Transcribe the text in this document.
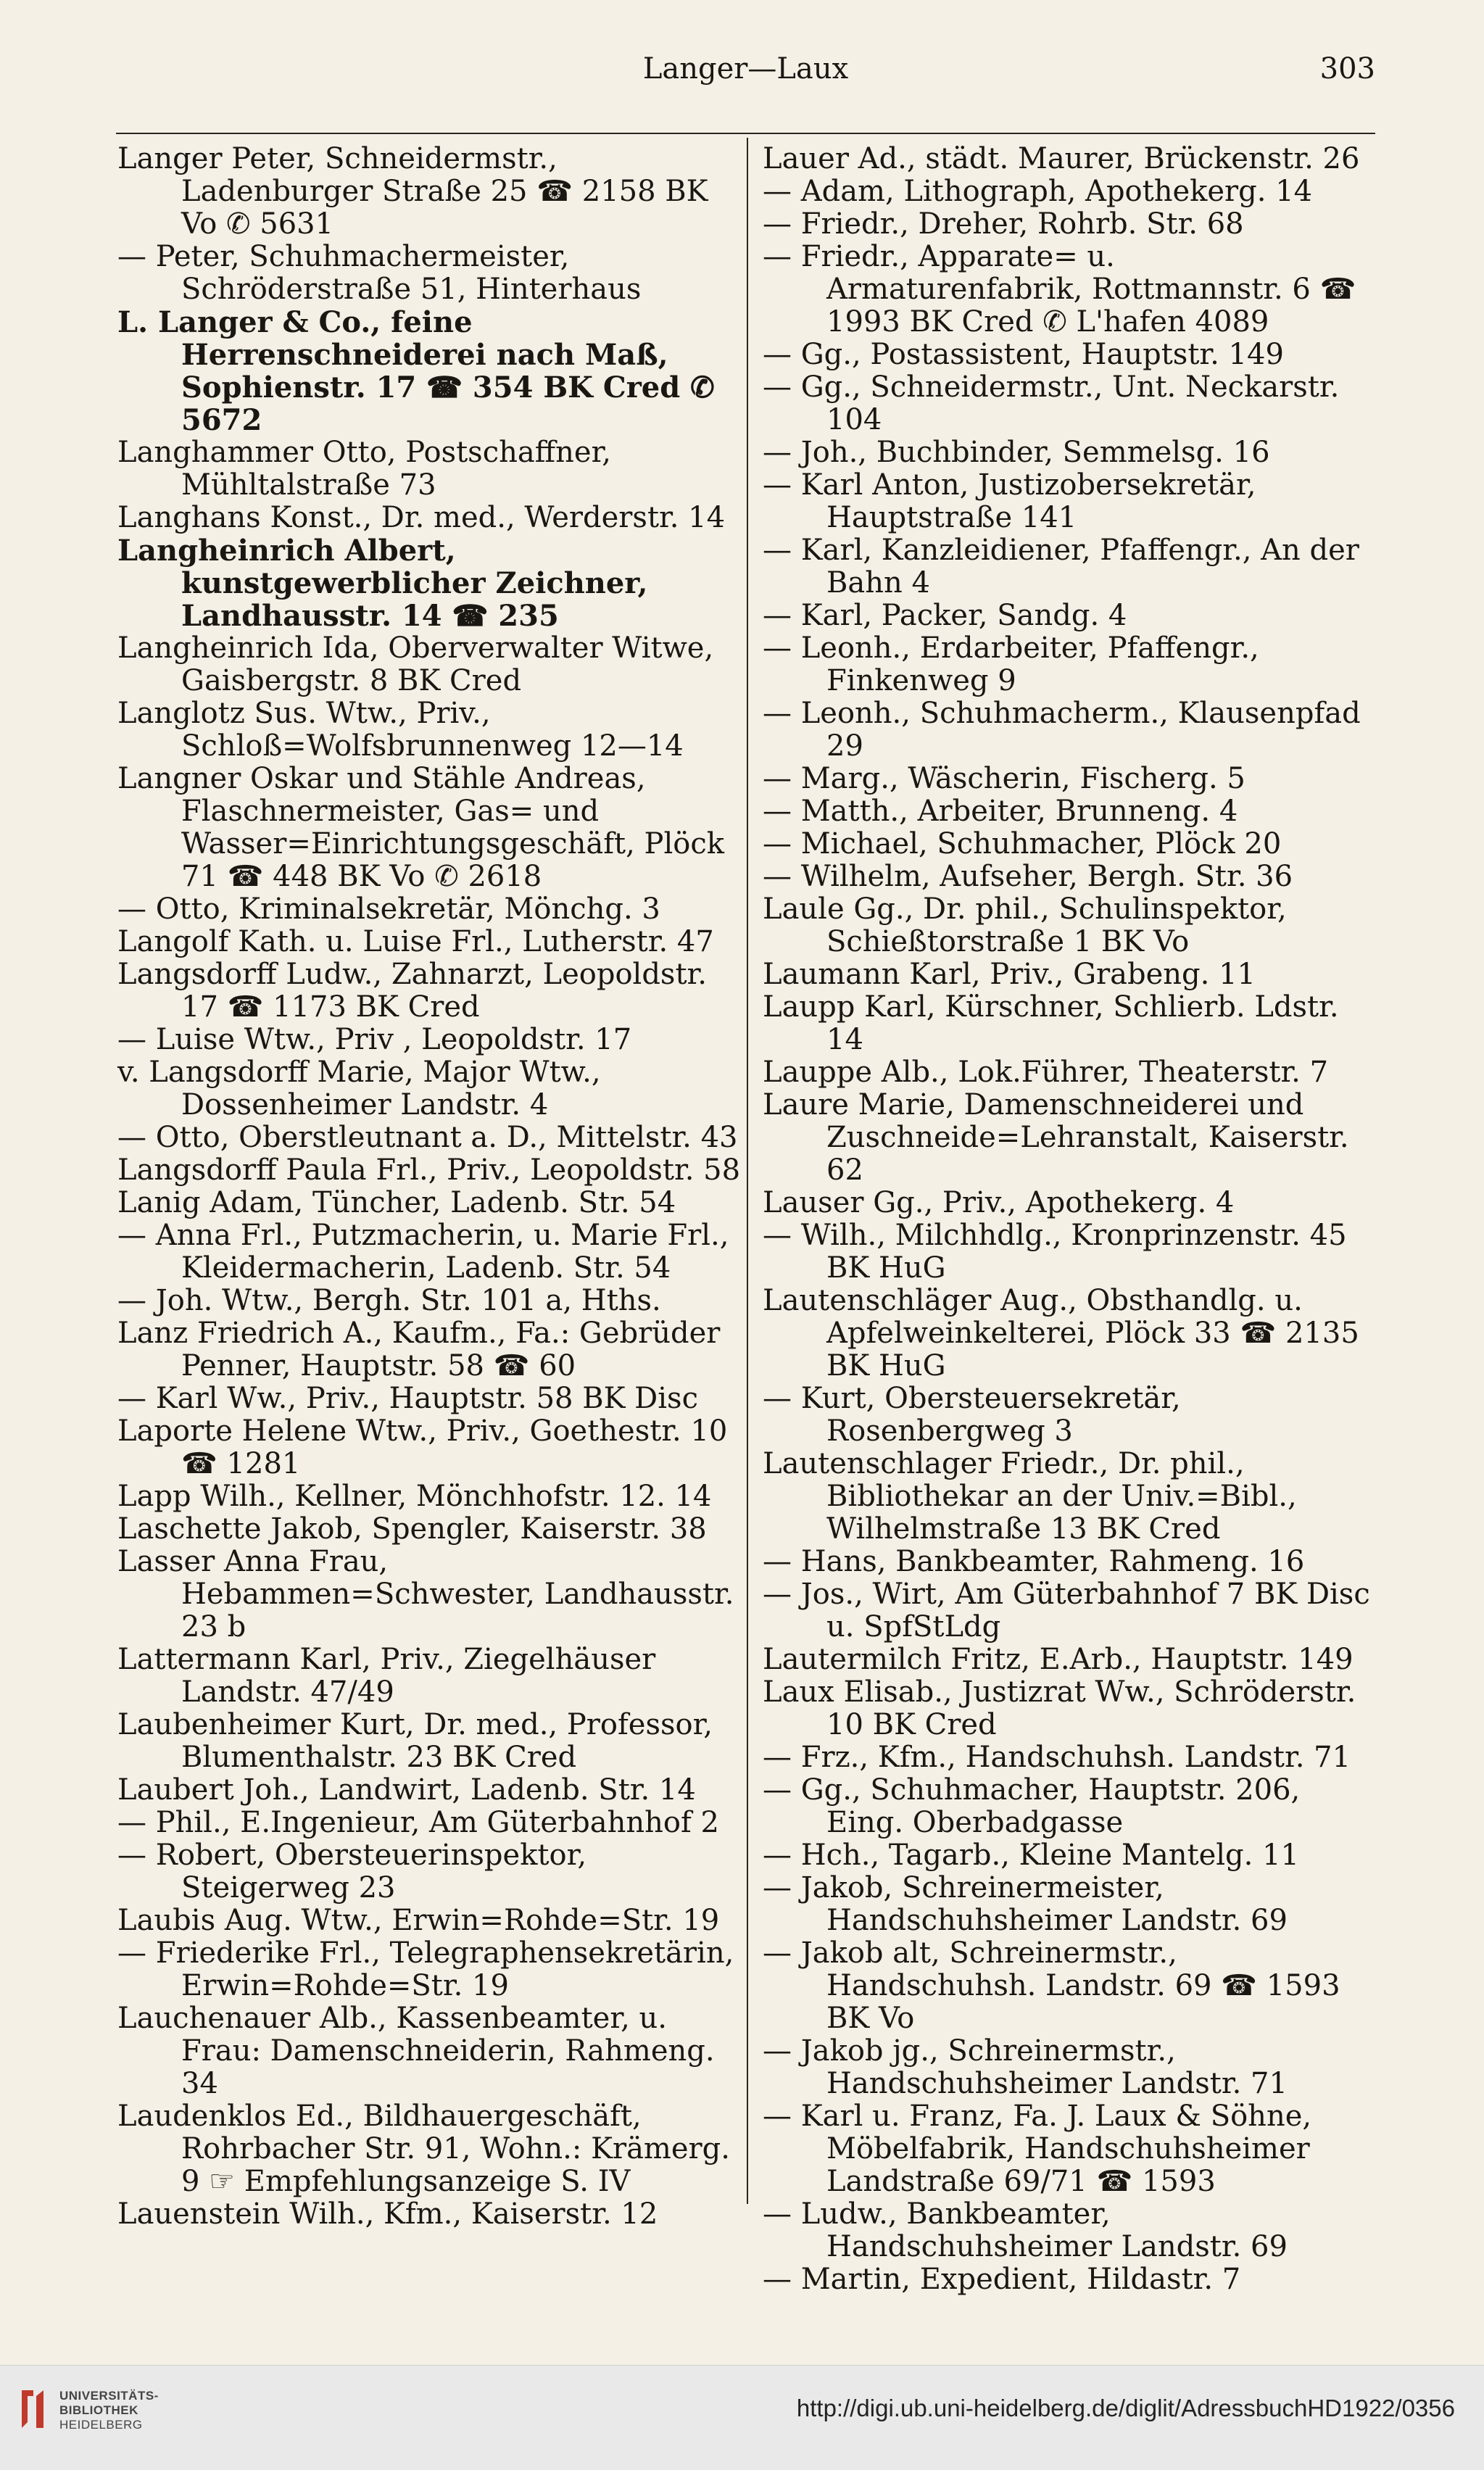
Langer—Laux	303

Langer Peter, Schneidermstr., Ladenburger Straße 25 ☎ 2158 BK Vo ✆ 5631

— Peter, Schuhmachermeister, Schröderstraße 51, Hinterhaus

L. Langer & Co., feine Herrenschneiderei nach Maß, Sophienstr. 17 ☎ 354 BK Cred ✆ 5672

Langhammer Otto, Postschaffner, Mühltalstraße 73

Langhans Konst., Dr. med., Werderstr. 14

Langheinrich Albert, kunstgewerblicher Zeichner, Landhausstr. 14 ☎ 235

Langheinrich Ida, Oberverwalter Witwe, Gaisbergstr. 8 BK Cred

Langlotz Sus. Wtw., Priv., Schloß=Wolfsbrunnenweg 12—14

Langner Oskar und Stähle Andreas, Flaschnermeister, Gas= und Wasser=Einrichtungsgeschäft, Plöck 71 ☎ 448 BK Vo ✆ 2618

— Otto, Kriminalsekretär, Mönchg. 3

Langolf Kath. u. Luise Frl., Lutherstr. 47

Langsdorff Ludw., Zahnarzt, Leopoldstr. 17 ☎ 1173 BK Cred

— Luise Wtw., Priv , Leopoldstr. 17

v. Langsdorff Marie, Major Wtw., Dossenheimer Landstr. 4

— Otto, Oberstleutnant a. D., Mittelstr. 43

Langsdorff Paula Frl., Priv., Leopoldstr. 58

Lanig Adam, Tüncher, Ladenb. Str. 54

— Anna Frl., Putzmacherin, u. Marie Frl., Kleidermacherin, Ladenb. Str. 54

— Joh. Wtw., Bergh. Str. 101 a, Hths.

Lanz Friedrich A., Kaufm., Fa.: Gebrüder Penner, Hauptstr. 58 ☎ 60

— Karl Ww., Priv., Hauptstr. 58 BK Disc

Laporte Helene Wtw., Priv., Goethestr. 10 ☎ 1281

Lapp Wilh., Kellner, Mönchhofstr. 12. 14

Laschette Jakob, Spengler, Kaiserstr. 38

Lasser Anna Frau, Hebammen=Schwester, Landhausstr. 23 b

Lattermann Karl, Priv., Ziegelhäuser Landstr. 47/49

Laubenheimer Kurt, Dr. med., Professor, Blumenthalstr. 23 BK Cred

Laubert Joh., Landwirt, Ladenb. Str. 14

— Phil., E.Ingenieur, Am Güterbahnhof 2

— Robert, Obersteuerinspektor, Steigerweg 23

Laubis Aug. Wtw., Erwin=Rohde=Str. 19

— Friederike Frl., Telegraphensekretärin, Erwin=Rohde=Str. 19

Lauchenauer Alb., Kassenbeamter, u. Frau: Damenschneiderin, Rahmeng. 34

Laudenklos Ed., Bildhauergeschäft, Rohrbacher Str. 91, Wohn.: Krämerg. 9 ☞ Empfehlungsanzeige S. IV

Lauenstein Wilh., Kfm., Kaiserstr. 12

Lauer Ad., städt. Maurer, Brückenstr. 26

— Adam, Lithograph, Apothekerg. 14

— Friedr., Dreher, Rohrb. Str. 68

— Friedr., Apparate= u. Armaturenfabrik, Rottmannstr. 6 ☎ 1993 BK Cred ✆ L'hafen 4089

— Gg., Postassistent, Hauptstr. 149

— Gg., Schneidermstr., Unt. Neckarstr. 104

— Joh., Buchbinder, Semmelsg. 16

— Karl Anton, Justizobersekretär, Hauptstraße 141

— Karl, Kanzleidiener, Pfaffengr., An der Bahn 4

— Karl, Packer, Sandg. 4

— Leonh., Erdarbeiter, Pfaffengr., Finkenweg 9

— Leonh., Schuhmacherm., Klausenpfad 29

— Marg., Wäscherin, Fischerg. 5

— Matth., Arbeiter, Brunneng. 4

— Michael, Schuhmacher, Plöck 20

— Wilhelm, Aufseher, Bergh. Str. 36

Laule Gg., Dr. phil., Schulinspektor, Schießtorstraße 1 BK Vo

Laumann Karl, Priv., Grabeng. 11

Laupp Karl, Kürschner, Schlierb. Ldstr. 14

Lauppe Alb., Lok.Führer, Theaterstr. 7

Laure Marie, Damenschneiderei und Zuschneide=Lehranstalt, Kaiserstr. 62

Lauser Gg., Priv., Apothekerg. 4

— Wilh., Milchhdlg., Kronprinzenstr. 45 BK HuG

Lautenschläger Aug., Obsthandlg. u. Apfelweinkelterei, Plöck 33 ☎ 2135 BK HuG

— Kurt, Obersteuersekretär, Rosenbergweg 3

Lautenschlager Friedr., Dr. phil., Bibliothekar an der Univ.=Bibl., Wilhelmstraße 13 BK Cred

— Hans, Bankbeamter, Rahmeng. 16

— Jos., Wirt, Am Güterbahnhof 7 BK Disc u. SpfStLdg

Lautermilch Fritz, E.Arb., Hauptstr. 149

Laux Elisab., Justizrat Ww., Schröderstr. 10 BK Cred

— Frz., Kfm., Handschuhsh. Landstr. 71

— Gg., Schuhmacher, Hauptstr. 206, Eing. Oberbadgasse

— Hch., Tagarb., Kleine Mantelg. 11

— Jakob, Schreinermeister, Handschuhsheimer Landstr. 69

— Jakob alt, Schreinermstr., Handschuhsh. Landstr. 69 ☎ 1593 BK Vo

— Jakob jg., Schreinermstr., Handschuhsheimer Landstr. 71

— Karl u. Franz, Fa. J. Laux & Söhne, Möbelfabrik, Handschuhsheimer Landstraße 69/71 ☎ 1593

— Ludw., Bankbeamter, Handschuhsheimer Landstr. 69

— Martin, Expedient, Hildastr. 7

UNIVERSITÄTS-
BIBLIOTHEK
HEIDELBERG
http://digi.ub.uni-heidelberg.de/diglit/AdressbuchHD1922/0356
